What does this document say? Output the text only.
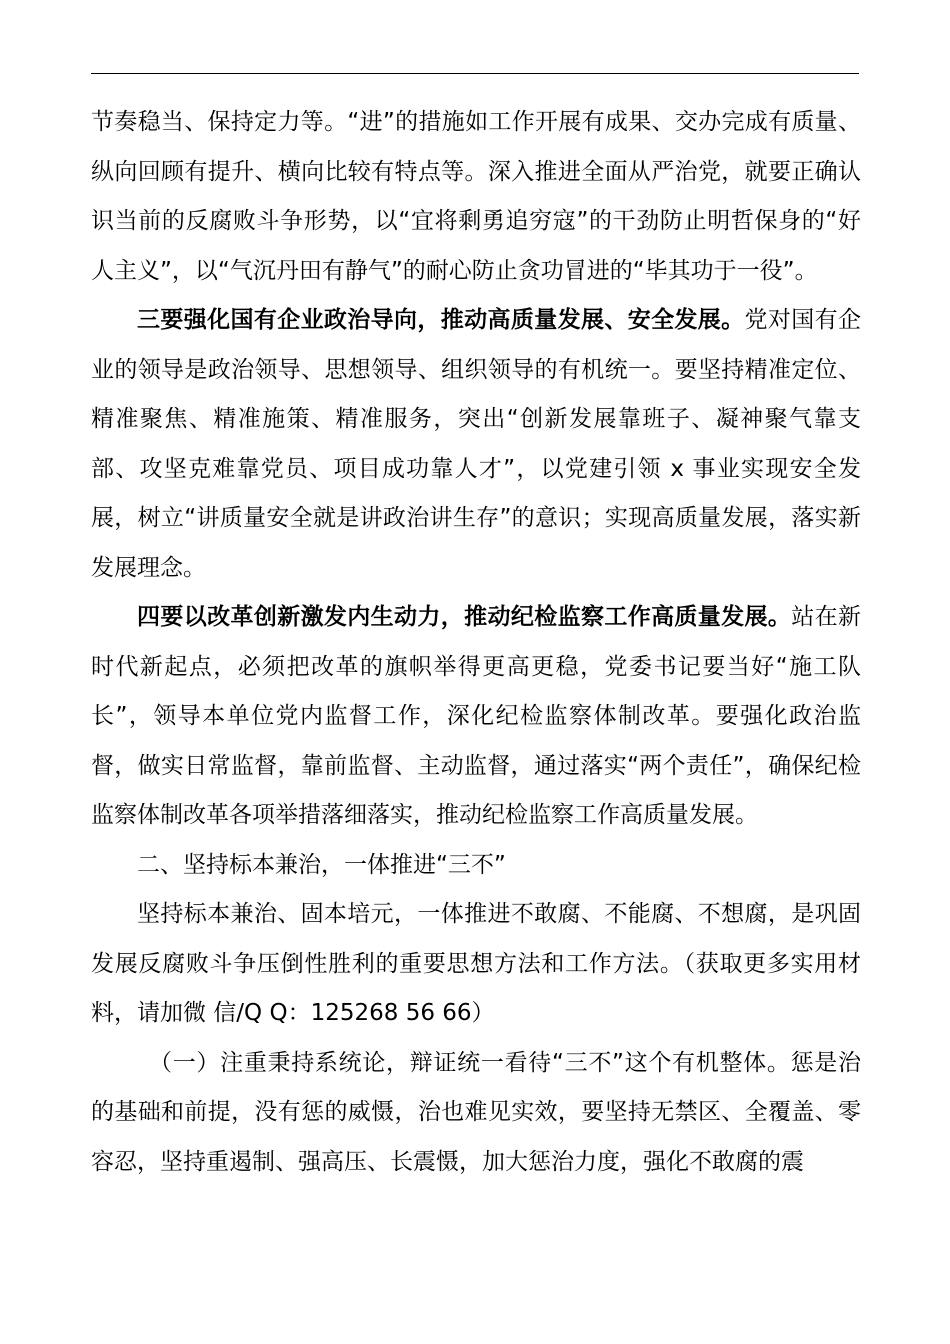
节奏稳当、保持定力等。“进”的措施如工作开展有成果、交办完成有质量、纵向回顾有提升、横向比较有特点等。深入推进全面从严治党，就要正确认识当前的反腐败斗争形势，以“宜将剩勇追穷寇”的干劲防止明哲保身的“好人主义”，以“气沉丹田有静气”的耐心防止贪功冒进的“毕其功于一役”。

三要强化国有企业政治导向，推动高质量发展、安全发展。党对国有企业的领导是政治领导、思想领导、组织领导的有机统一。要坚持精准定位、精准聚焦、精准施策、精准服务，突出“创新发展靠班子、凝神聚气靠支部、攻坚克难靠党员、项目成功靠人才”，以党建引领 x 事业实现安全发展，树立“讲质量安全就是讲政治讲生存”的意识；实现高质量发展，落实新发展理念。

四要以改革创新激发内生动力，推动纪检监察工作高质量发展。站在新时代新起点，必须把改革的旗帜举得更高更稳，党委书记要当好“施工队长”，领导本单位党内监督工作，深化纪检监察体制改革。要强化政治监督，做实日常监督，靠前监督、主动监督，通过落实“两个责任”，确保纪检监察体制改革各项举措落细落实，推动纪检监察工作高质量发展。

二、坚持标本兼治，一体推进“三不”

坚持标本兼治、固本培元，一体推进不敢腐、不能腐、不想腐，是巩固发展反腐败斗争压倒性胜利的重要思想方法和工作方法。（获取更多实用材料，请加微 信/Q Q：125268 56 66）

（一）注重秉持系统论，辩证统一看待“三不”这个有机整体。惩是治的基础和前提，没有惩的威慑，治也难见实效，要坚持无禁区、全覆盖、零容忍，坚持重遏制、强高压、长震慑，加大惩治力度，强化不敢腐的震
